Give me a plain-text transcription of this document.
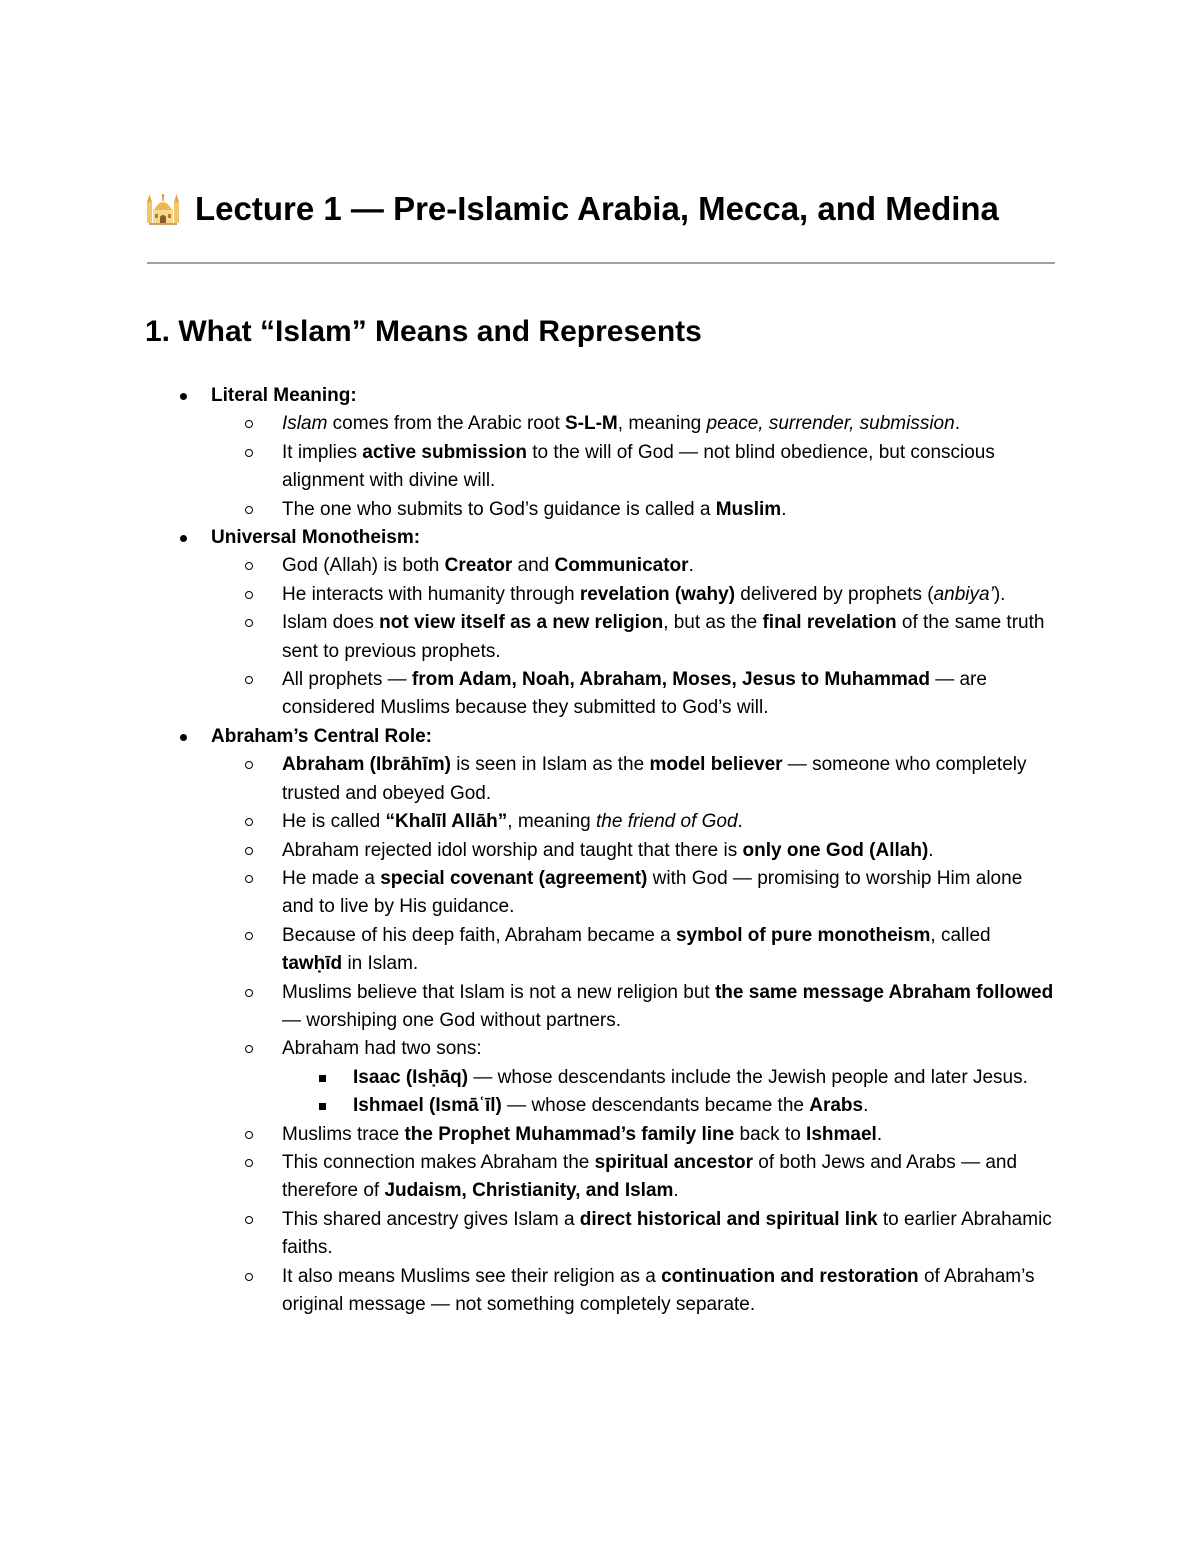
Lecture 1 — Pre-Islamic Arabia, Mecca, and Medina
1. What “Islam” Means and Represents
Literal Meaning:
Islam comes from the Arabic root S-L-M, meaning peace, surrender, submission.
It implies active submission to the will of God — not blind obedience, but conscious alignment with divine will.
The one who submits to God’s guidance is called a Muslim.
Universal Monotheism:
God (Allah) is both Creator and Communicator.
He interacts with humanity through revelation (wahy) delivered by prophets (anbiya’).
Islam does not view itself as a new religion, but as the final revelation of the same truth sent to previous prophets.
All prophets — from Adam, Noah, Abraham, Moses, Jesus to Muhammad — are considered Muslims because they submitted to God’s will.
Abraham’s Central Role:
Abraham (Ibrāhīm) is seen in Islam as the model believer — someone who completely trusted and obeyed God.
He is called “Khalīl Allāh”, meaning the friend of God.
Abraham rejected idol worship and taught that there is only one God (Allah).
He made a special covenant (agreement) with God — promising to worship Him alone and to live by His guidance.
Because of his deep faith, Abraham became a symbol of pure monotheism, called tawḥīd in Islam.
Muslims believe that Islam is not a new religion but the same message Abraham followed — worshiping one God without partners.
Abraham had two sons:
Isaac (Isḥāq) — whose descendants include the Jewish people and later Jesus.
Ishmael (Ismāʿīl) — whose descendants became the Arabs.
Muslims trace the Prophet Muhammad’s family line back to Ishmael.
This connection makes Abraham the spiritual ancestor of both Jews and Arabs — and therefore of Judaism, Christianity, and Islam.
This shared ancestry gives Islam a direct historical and spiritual link to earlier Abrahamic faiths.
It also means Muslims see their religion as a continuation and restoration of Abraham’s original message — not something completely separate.
